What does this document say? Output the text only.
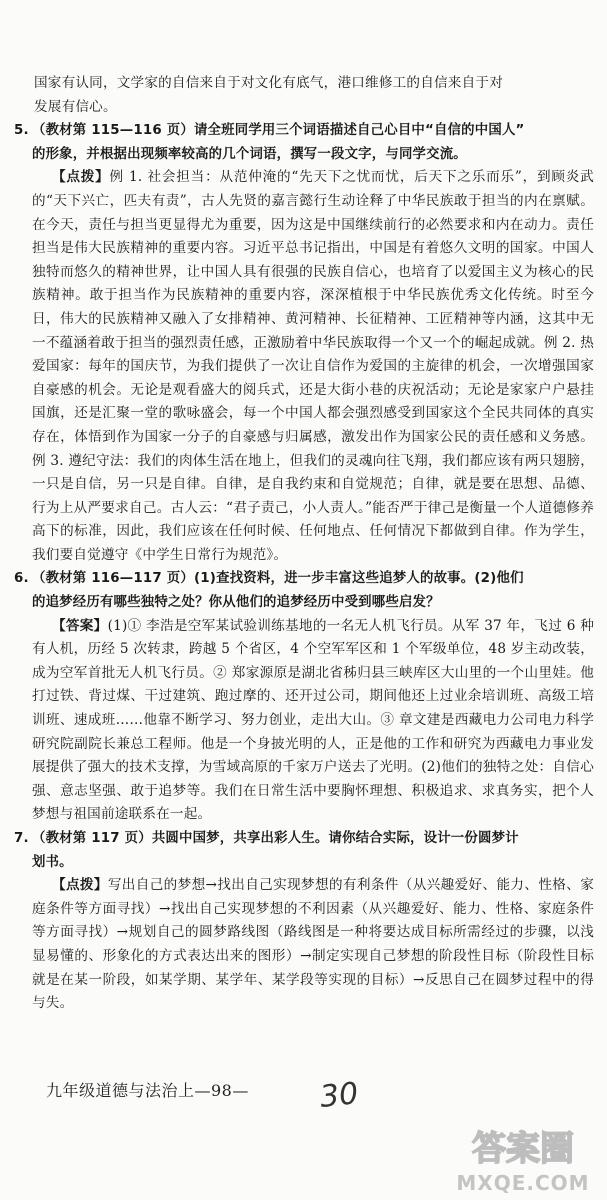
国家有认同，文学家的自信来自于对文化有底气，港口维修工的自信来自于对

发展有信心。

5. （教材第 115—116 页）请全班同学用三个词语描述自己心目中“自信的中国人”
的形象，并根据出现频率较高的几个词语，撰写一段文字，与同学交流。

【点拨】例 1. 社会担当：从范仲淹的“先天下之忧而忧，后天下之乐而乐”，到顾炎武的“天下兴亡，匹夫有责”，古人先贤的嘉言懿行生动诠释了中华民族敢于担当的内在禀赋。在今天，责任与担当更显得尤为重要，因为这是中国继续前行的必然要求和内在动力。责任担当是伟大民族精神的重要内容。习近平总书记指出，中国是有着悠久文明的国家。中国人独特而悠久的精神世界，让中国人具有很强的民族自信心，也培育了以爱国主义为核心的民族精神。敢于担当作为民族精神的重要内容，深深植根于中华民族优秀文化传统。时至今日，伟大的民族精神又融入了女排精神、黄河精神、长征精神、工匠精神等内涵，这其中无一不蕴涵着敢于担当的强烈责任感，正激励着中华民族取得一个又一个的崛起成就。例 2. 热爱国家：每年的国庆节，为我们提供了一次让自信作为爱国的主旋律的机会，一次增强国家自豪感的机会。无论是观看盛大的阅兵式，还是大街小巷的庆祝活动；无论是家家户户悬挂国旗，还是汇聚一堂的歌咏盛会，每一个中国人都会强烈感受到国家这个全民共同体的真实存在，体悟到作为国家一分子的自豪感与归属感，激发出作为国家公民的责任感和义务感。例 3. 遵纪守法：我们的肉体生活在地上，但我们的灵魂向往飞翔，我们都应该有两只翅膀，一只是自信，另一只是自律。自律，是自我约束和自觉规范；自律，就是要在思想、品德、行为上从严要求自己。古人云：“君子责己，小人责人。”能否严于律己是衡量一个人道德修养高下的标准，因此，我们应该在任何时候、任何地点、任何情况下都做到自律。作为学生，我们要自觉遵守《中学生日常行为规范》。

6. （教材第 116—117 页）(1)查找资料，进一步丰富这些追梦人的故事。(2)他们
的追梦经历有哪些独特之处？你从他们的追梦经历中受到哪些启发？

【答案】(1)① 李浩是空军某试验训练基地的一名无人机飞行员。从军 37 年，飞过 6 种有人机，历经 5 次转隶，跨越 5 个省区，4 个空军军区和 1 个军级单位，48 岁主动改装，成为空军首批无人机飞行员。② 郑家源原是湖北省秭归县三峡库区大山里的一个山里娃。他打过铁、背过煤、干过建筑、跑过摩的、还开过公司，期间他还上过业余培训班、高级工培训班、速成班……他靠不断学习、努力创业，走出大山。③ 章文建是西藏电力公司电力科学研究院副院长兼总工程师。他是一个身披光明的人，正是他的工作和研究为西藏电力事业发展提供了强大的技术支撑，为雪域高原的千家万户送去了光明。(2)他们的独特之处：自信心强、意志坚强、敢于追梦等。我们在日常生活中要胸怀理想、积极追求、求真务实，把个人梦想与祖国前途联系在一起。

7. （教材第 117 页）共圆中国梦，共享出彩人生。请你结合实际，设计一份圆梦计
划书。

【点拨】写出自己的梦想→找出自己实现梦想的有利条件（从兴趣爱好、能力、性格、家庭条件等方面寻找）→找出自己实现梦想的不利因素（从兴趣爱好、能力、性格、家庭条件等方面寻找）→规划自己的圆梦路线图（路线图是一种将要达成目标所需经过的步骤，以浅显易懂的、形象化的方式表达出来的图形）→制定实现自己梦想的阶段性目标（阶段性目标就是在某一阶段，如某学期、某学年、某学段等实现的目标）→反思自己在圆梦过程中的得与失。

九年级道德与法治上—98— 30
答案圈
MXQE.COM
